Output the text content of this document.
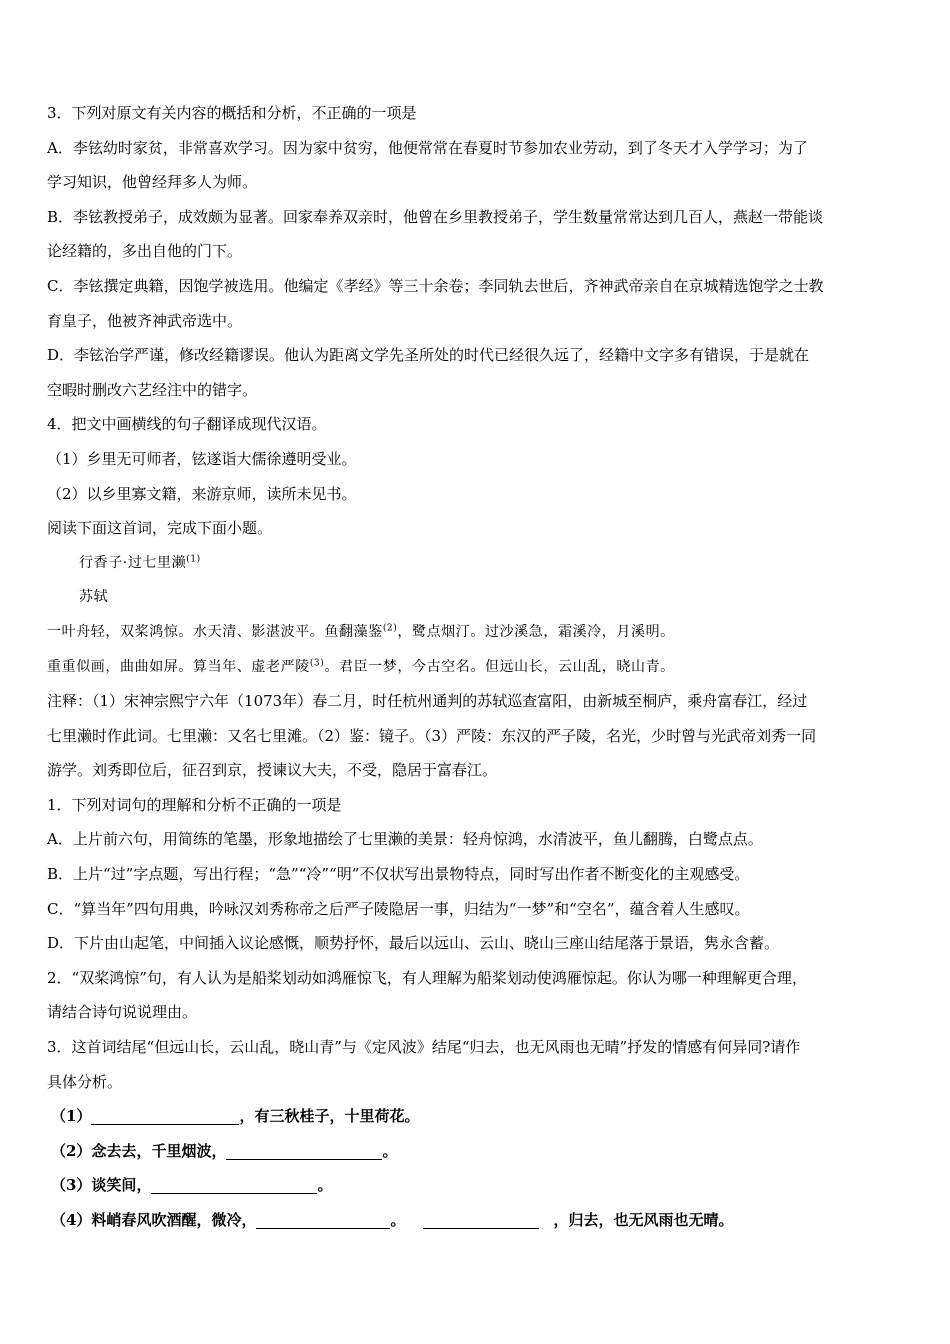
3．下列对原文有关内容的概括和分析，不正确的一项是
A．李铉幼时家贫，非常喜欢学习。因为家中贫穷，他便常常在春夏时节参加农业劳动，到了冬天才入学学习；为了
学习知识，他曾经拜多人为师。
B．李铉教授弟子，成效颇为显著。回家奉养双亲时，他曾在乡里教授弟子，学生数量常常达到几百人，燕赵一带能谈
论经籍的，多出自他的门下。
C．李铉撰定典籍，因饱学被选用。他编定《孝经》等三十余卷；李同轨去世后，齐神武帝亲自在京城精选饱学之士教
育皇子，他被齐神武帝选中。
D．李铉治学严谨，修改经籍谬误。他认为距离文学先圣所处的时代已经很久远了，经籍中文字多有错误，于是就在
空暇时删改六艺经注中的错字。
4．把文中画横线的句子翻译成现代汉语。
（1）乡里无可师者，铉遂诣大儒徐遵明受业。
（2）以乡里寡文籍，来游京师，读所未见书。
阅读下面这首词，完成下面小题。
行香子·过七里濑$^{(1)}$
苏轼
一叶舟轻，双桨鸿惊。水天清、影湛波平。鱼翻藻鉴$^{(2)}$，鹭点烟汀。过沙溪急，霜溪冷，月溪明。
重重似画，曲曲如屏。算当年、虚老严陵$^{(3)}$。君臣一梦，今古空名。但远山长，云山乱，晓山青。
注释：（1）宋神宗熙宁六年（1073年）春二月，时任杭州通判的苏轼巡查富阳，由新城至桐庐，乘舟富春江，经过
七里濑时作此词。七里濑：又名七里滩。（2）鉴：镜子。（3）严陵：东汉的严子陵，名光，少时曾与光武帝刘秀一同
游学。刘秀即位后，征召到京，授谏议大夫，不受，隐居于富春江。
1．下列对词句的理解和分析不正确的一项是
A．上片前六句，用简练的笔墨，形象地描绘了七里濑的美景：轻舟惊鸿，水清波平，鱼儿翻腾，白鹭点点。
B．上片“过”字点题，写出行程；“急”“冷”“明”不仅状写出景物特点，同时写出作者不断变化的主观感受。
C．“算当年”四句用典，吟咏汉刘秀称帝之后严子陵隐居一事，归结为“一梦”和“空名”，蕴含着人生感叹。
D．下片由山起笔，中间插入议论感慨，顺势抒怀，最后以远山、云山、晓山三座山结尾落于景语，隽永含蓄。
2．“双桨鸿惊”句，有人认为是船桨划动如鸿雁惊飞，有人理解为船桨划动使鸿雁惊起。你认为哪一种理解更合理，
请结合诗句说说理由。
3．这首词结尾“但远山长，云山乱，晓山青”与《定风波》结尾“归去，也无风雨也无晴”抒发的情感有何异同?请作
具体分析。
（1）	，有三秋桂子，十里荷花。
（2）念去去，千里烟波，	。
（3）谈笑间，	。
（4）料峭春风吹酒醒，微冷，	。	，归去，也无风雨也无晴。
